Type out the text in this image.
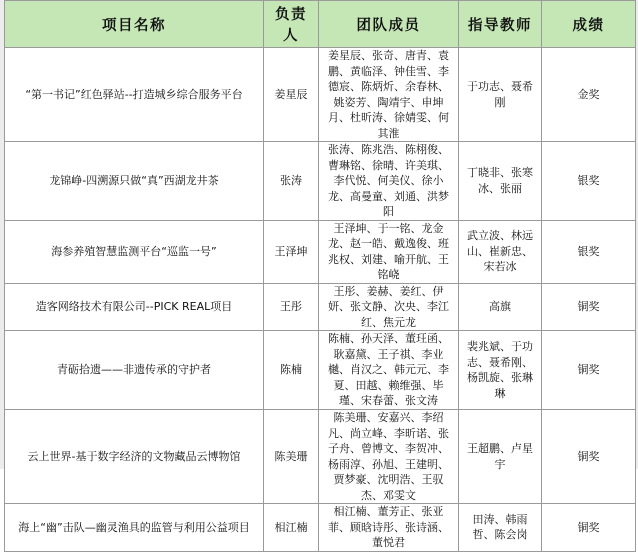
项目名称	负责人	团队成员	指导教师	成绩
“第一书记”红色驿站--打造城乡综合服务平台	姜星辰	姜星辰、张奇、唐青、袁鹏、黄临泽、钟佳雪、李德宸、陈炳炘、余春林、姚姿芳、陶靖宇、申坤月、杜昕涛、徐婧雯、何其淮	于功志、聂希刚	金奖
龙锦峥-四溯源只做“真”西湖龙井茶	张涛	张涛、陈兆浩、陈栩俊、曹琳铭、徐晴、许美琪、李代悦、何美仪、徐小龙、高曼童、刘通、洪梦阳	丁晓非、张寒冰、张丽	银奖
海参养殖智慧监测平台“巡监一号”	王泽坤	王泽坤、于一铭、龙金龙、赵一皓、戴逸俊、班兆权、刘建、喻开航、王铭峣	武立波、林远山、崔新忠、宋若冰	银奖
造客网络技术有限公司--PICK REAL项目	王彤	王彤、姜赫、姜红、伊妍、张文静、次央、李江红、焦元龙	高旗	铜奖
青砺拾遗——非遗传承的守护者	陈楠	陈楠、孙天泽、董玨函、耿嘉黛、王子祺、李业樾、肖汉之、韩元元、李夏、田越、赖维强、毕瑾、宋春蕾、张文涛	裴兆斌、于功志、聂希刚、杨凯旋、张琳琳	铜奖
云上世界-基于数字经济的文物藏品云博物馆	陈美珊	陈美珊、安嘉兴、李绍凡、尚立峰、李昕诺、张子舟、曾博文、李贺冲、杨雨淳、孙旭、王建明、贾梦豪、沈明浩、王驭杰、邓雯文	王超鹏、卢星宇	铜奖
海上“幽”击队—幽灵渔具的监管与利用公益项目	相江楠	相江楠、董芳正、张亚菲、顾晗诗彤、张诗涵、董悦君	田涛、韩雨哲、陈会岗	铜奖
